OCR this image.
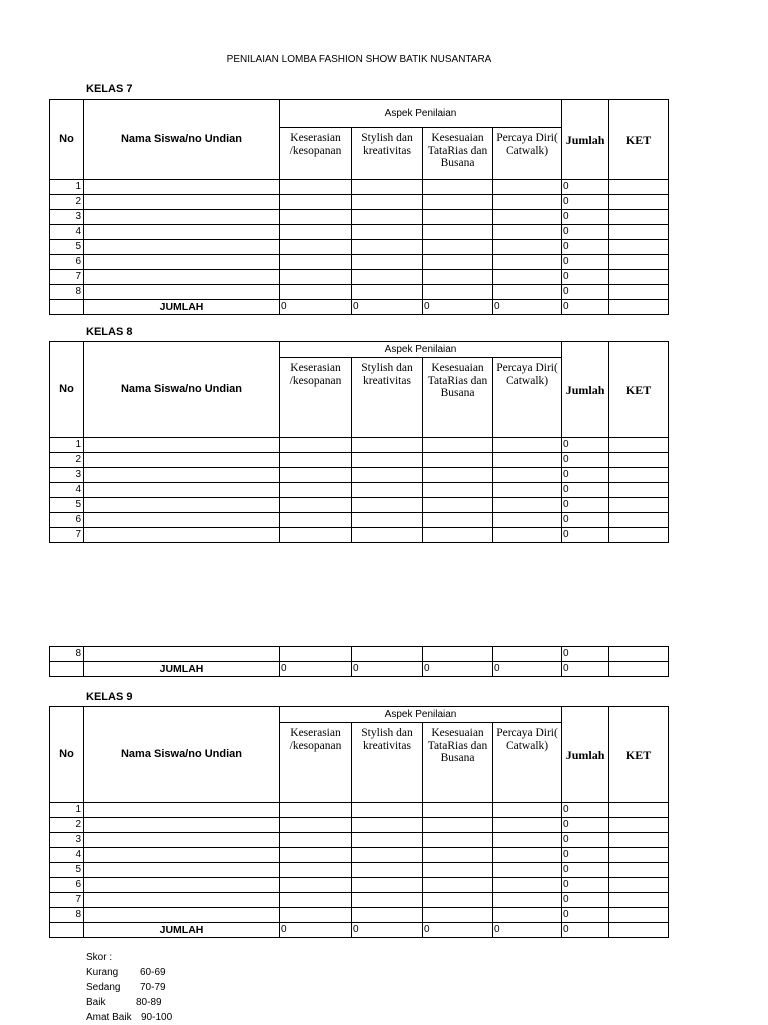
PENILAIAN LOMBA FASHION SHOW BATIK NUSANTARA
KELAS 7
No	Nama Siswa/no Undian	Aspek Penilaian				Jumlah	KET
		Keserasian /kesopanan	Stylish dan kreativitas	Kesesuaian TataRias dan Busana	Percaya Diri( Catwalk)		
1						0	
2						0	
3						0	
4						0	
5						0	
6						0	
7						0	
8						0	
	JUMLAH	0	0	0	0	0	
KELAS 8
No	Nama Siswa/no Undian	Aspek Penilaian				Jumlah	KET
		Keserasian /kesopanan	Stylish dan kreativitas	Kesesuaian TataRias dan Busana	Percaya Diri( Catwalk)		
1						0	
2						0	
3						0	
4						0	
5						0	
6						0	
7						0	
8						0	
	JUMLAH	0	0	0	0	0	
KELAS 9
No	Nama Siswa/no Undian	Aspek Penilaian				Jumlah	KET
		Keserasian /kesopanan	Stylish dan kreativitas	Kesesuaian TataRias dan Busana	Percaya Diri( Catwalk)		
1						0	
2						0	
3						0	
4						0	
5						0	
6						0	
7						0	
8						0	
	JUMLAH	0	0	0	0	0	
Skor :
Kurang 60-69
Sedang 70-79
Baik	80-89
Amat Baik 90-100
